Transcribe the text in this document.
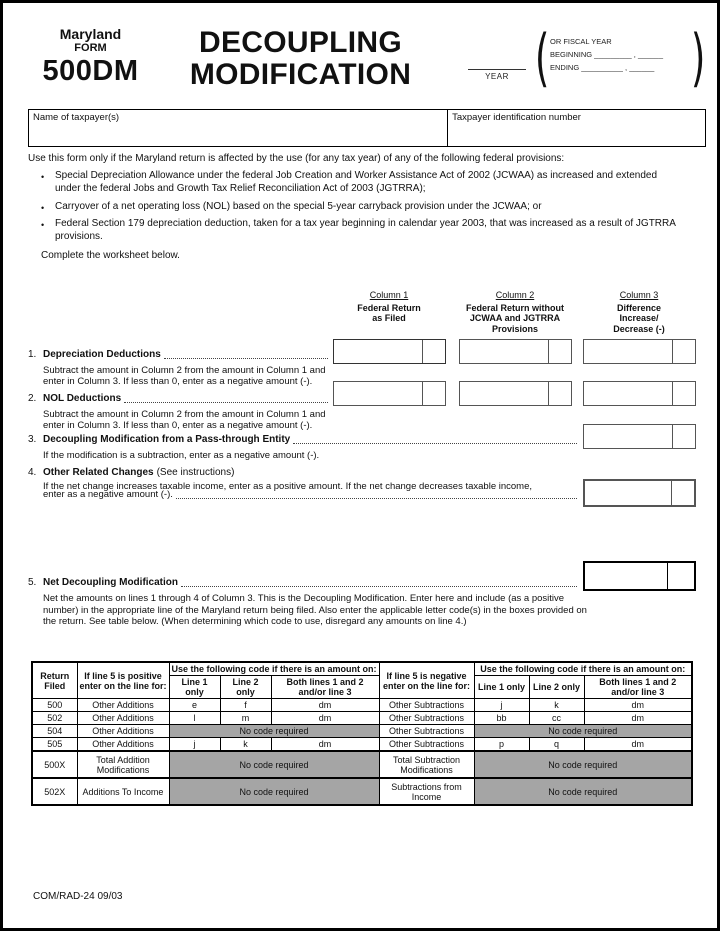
Maryland
FORM
500DM
DECOUPLING
MODIFICATION	YEAR ( OR FISCAL YEAR
BEGINNING _________ , ______
ENDING __________ , ______ )
Name of taxpayer(s)	Taxpayer identification number
Use this form only if the Maryland return is affected by the use (for any tax year) of any of the following federal provisions:
•	Special Depreciation Allowance under the federal Job Creation and Worker Assistance Act of 2002 (JCWAA) as increased and extended under the federal Jobs and Growth Tax Relief Reconciliation Act of 2003 (JGTRRA);
•	Carryover of a net operating loss (NOL) based on the special 5-year carryback provision under the JCWAA; or
•	Federal Section 179 depreciation deduction, taken for a tax year beginning in calendar year 2003, that was increased as a result of JGTRRA provisions.
Complete the worksheet below.
Column 1
Federal Return
as Filed
Column 2
Federal Return without
JCWAA and JGTRRA
Provisions
Column 3
Difference
Increase/
Decrease (-)
1. Depreciation Deductions
Subtract the amount in Column 2 from the amount in Column 1 and enter in Column 3. If less than 0, enter as a negative amount (-).
2. NOL Deductions
Subtract the amount in Column 2 from the amount in Column 1 and enter in Column 3. If less than 0, enter as a negative amount (-).
3. Decoupling Modification from a Pass-through Entity
If the modification is a subtraction, enter as a negative amount (-).
4. Other Related Changes (See instructions)
If the net change increases taxable income, enter as a positive amount. If the net change decreases taxable income,
enter as a negative amount (-).
5. Net Decoupling Modification
Net the amounts on lines 1 through 4 of Column 3. This is the Decoupling Modification. Enter here and include (as a positive number) in the appropriate line of the Maryland return being filed. Also enter the applicable letter code(s) in the boxes provided on the return. See table below. (When determining which code to use, disregard any amounts on line 4.)
Return Filed	If line 5 is positive enter on the line for:	Use the following code if there is an amount on:			If line 5 is negative enter on the line for:	Use the following code if there is an amount on:		
		Line 1 only	Line 2 only	Both lines 1 and 2 and/or line 3		Line 1 only	Line 2 only	Both lines 1 and 2 and/or line 3
500	Other Additions	e	f	dm	Other Subtractions	j	k	dm
502	Other Additions	l	m	dm	Other Subtractions	bb	cc	dm
504	Other Additions	No code required			Other Subtractions	No code required		
505	Other Additions	j	k	dm	Other Subtractions	p	q	dm
500X	Total Addition Modifications	No code required			Total Subtraction Modifications	No code required		
502X	Additions To Income	No code required			Subtractions from Income	No code required		
COM/RAD-24 09/03
